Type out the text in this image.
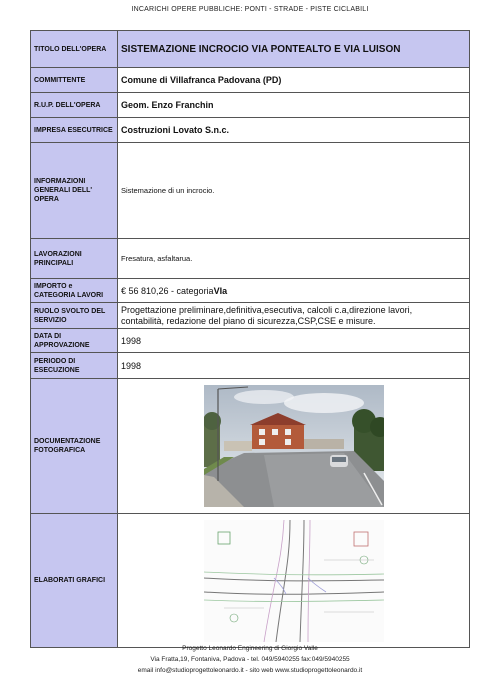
INCARICHI OPERE PUBBLICHE: PONTI - STRADE - PISTE CICLABILI
TITOLO DELL'OPERA	SISTEMAZIONE INCROCIO VIA PONTEALTO E VIA LUISON
COMMITTENTE	Comune di Villafranca Padovana (PD)
R.U.P. DELL'OPERA	Geom. Enzo Franchin
IMPRESA ESECUTRICE	Costruzioni Lovato S.n.c.
INFORMAZIONI GENERALI DELL' OPERA	Sistemazione di un incrocio.
LAVORAZIONI PRINCIPALI	Fresatura, asfaltarua.
IMPORTO e CATEGORIA LAVORI	€ 56 810,26 - categoriaVIa
RUOLO SVOLTO DEL SERVIZIO	Progettazione preliminare,definitiva,esecutiva, calcoli c.a,direzione lavori,
contabilità, redazione del piano di sicurezza,CSP,CSE e misure.

DATA DI APPROVAZIONE	1998
PERIODO DI ESECUZIONE	1998
DOCUMENTAZIONE FOTOGRAFICA	

ELABORATI GRAFICI	
Progetto Leonardo Engineering di Giorgio Valle
Via Fratta,19, Fontaniva, Padova - tel. 049/5940255 fax:049/5940255
email info@studioprogettoleonardo.it - sito web www.studioprogettoleonardo.it
